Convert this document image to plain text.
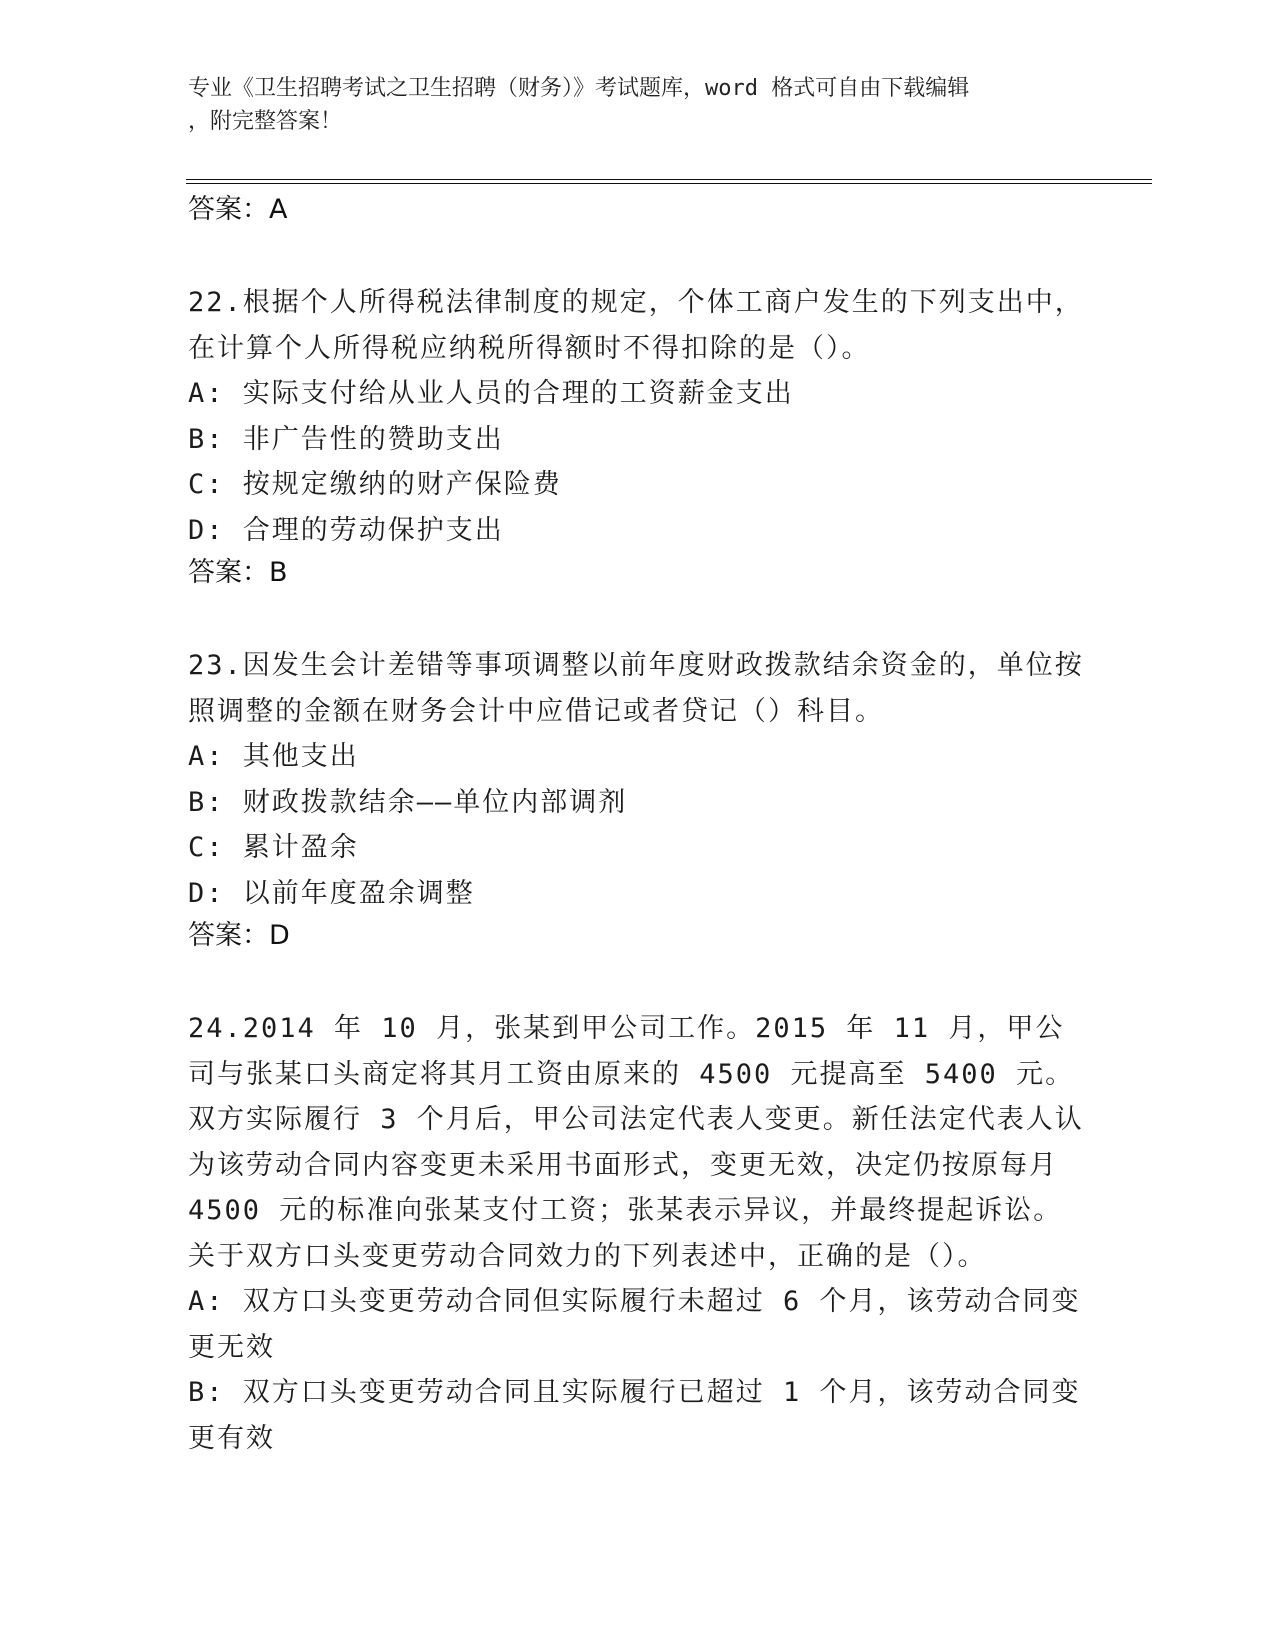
专业《卫生招聘考试之卫生招聘（财务）》考试题库，word 格式可自由下载编辑
，附完整答案！

答案：A

22.根据个人所得税法律制度的规定，个体工商户发生的下列支出中，在计算个人所得税应纳税所得额时不得扣除的是（）。

A: 实际支付给从业人员的合理的工资薪金支出

B: 非广告性的赞助支出

C: 按规定缴纳的财产保险费

D: 合理的劳动保护支出

答案：B

23.因发生会计差错等事项调整以前年度财政拨款结余资金的，单位按照调整的金额在财务会计中应借记或者贷记（）科目。

A: 其他支出

B: 财政拨款结余——单位内部调剂

C: 累计盈余

D: 以前年度盈余调整

答案：D

24.2014 年 10 月，张某到甲公司工作。2015 年 11 月，甲公司与张某口头商定将其月工资由原来的 4500 元提高至 5400 元。双方实际履行 3 个月后，甲公司法定代表人变更。新任法定代表人认为该劳动合同内容变更未采用书面形式，变更无效，决定仍按原每月 4500 元的标准向张某支付工资；张某表示异议，并最终提起诉讼。关于双方口头变更劳动合同效力的下列表述中，正确的是（）。

A: 双方口头变更劳动合同但实际履行未超过 6 个月，该劳动合同变更无效

B: 双方口头变更劳动合同且实际履行已超过 1 个月，该劳动合同变更有效
